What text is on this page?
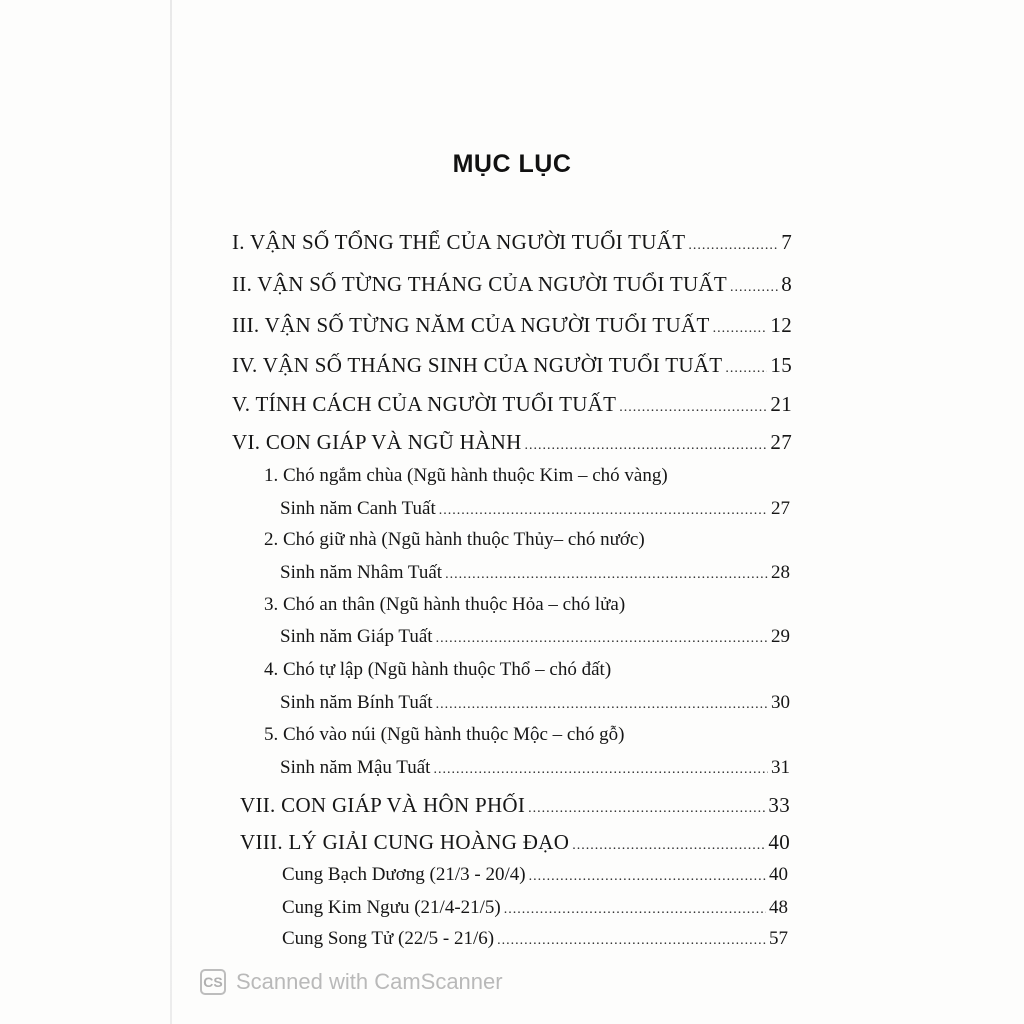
MỤC LỤC
I. VẬN SỐ TỔNG THỂ CỦA NGƯỜI TUỔI TUẤT .....	7
II. VẬN SỐ TỪNG THÁNG CỦA NGƯỜI TUỔI TUẤT .....	8
III. VẬN SỐ TỪNG NĂM CỦA NGƯỜI TUỔI TUẤT .....	12
IV. VẬN SỐ THÁNG SINH CỦA NGƯỜI TUỔI TUẤT ..... 15
V. TÍNH CÁCH CỦA NGƯỜI TUỔI TUẤT .....	21
VI. CON GIÁP VÀ NGŨ HÀNH .....	27
1. Chó ngắm chùa (Ngũ hành thuộc Kim – chó vàng)
Sinh năm Canh Tuất .....	27
2. Chó giữ nhà (Ngũ hành thuộc Thủy– chó nước)
Sinh năm Nhâm Tuất .....	28
3. Chó an thân (Ngũ hành thuộc Hỏa – chó lửa)
Sinh năm Giáp Tuất .....	29
4. Chó tự lập (Ngũ hành thuộc Thổ – chó đất)
Sinh năm Bính Tuất .....	30
5. Chó vào núi (Ngũ hành thuộc Mộc – chó gỗ)
Sinh năm Mậu Tuất .....	31
VII. CON GIÁP VÀ HÔN PHỐI .....	33
VIII. LÝ GIẢI CUNG HOÀNG ĐẠO .....	40
Cung Bạch Dương (21/3 - 20/4) .....	40
Cung Kim Ngưu (21/4-21/5) .....	48
Cung Song Tử (22/5 - 21/6) .....	57
CS Scanned with CamScanner
